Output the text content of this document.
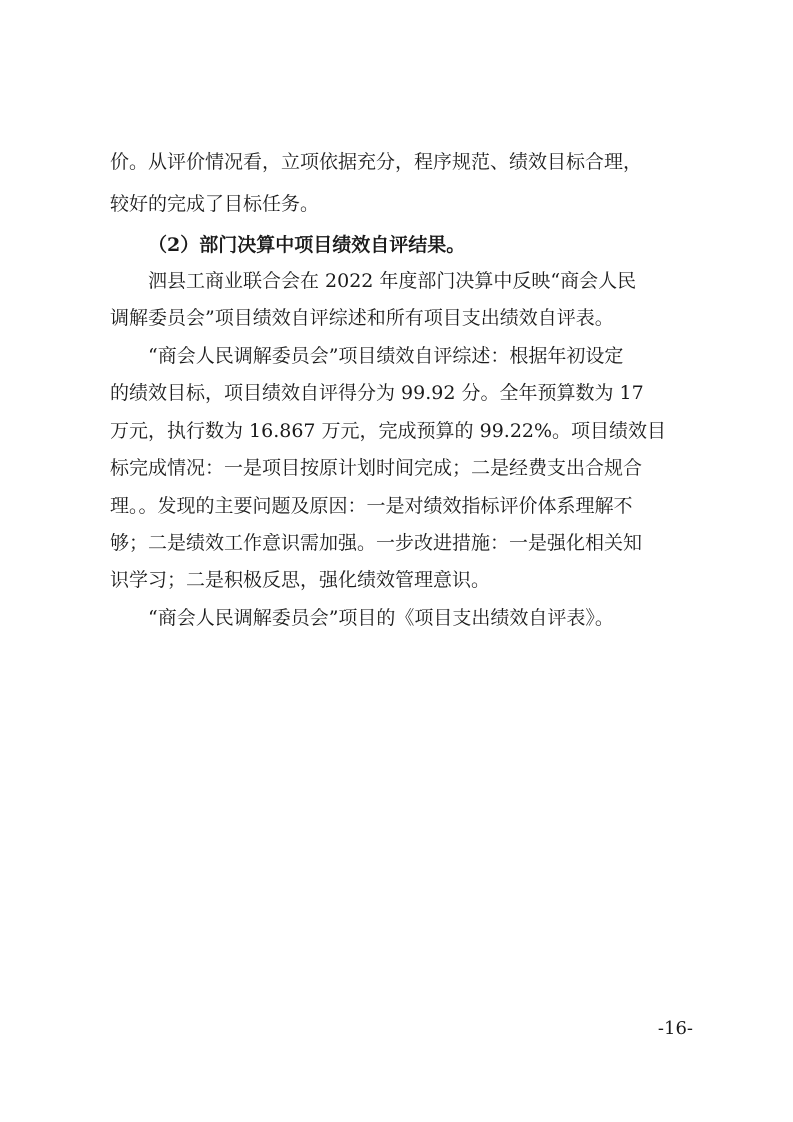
价。从评价情况看，立项依据充分，程序规范、绩效目标合理，
较好的完成了目标任务。
（2）部门决算中项目绩效自评结果。
泗县工商业联合会在 2022 年度部门决算中反映“商会人民
调解委员会”项目绩效自评综述和所有项目支出绩效自评表。
“商会人民调解委员会”项目绩效自评综述：根据年初设定
的绩效目标，项目绩效自评得分为 99.92 分。全年预算数为 17
万元，执行数为 16.867 万元，完成预算的 99.22%。项目绩效目
标完成情况：一是项目按原计划时间完成；二是经费支出合规合
理。。发现的主要问题及原因：一是对绩效指标评价体系理解不
够；二是绩效工作意识需加强。一步改进措施：一是强化相关知
识学习；二是积极反思，强化绩效管理意识。
“商会人民调解委员会”项目的《项目支出绩效自评表》。
-16-
